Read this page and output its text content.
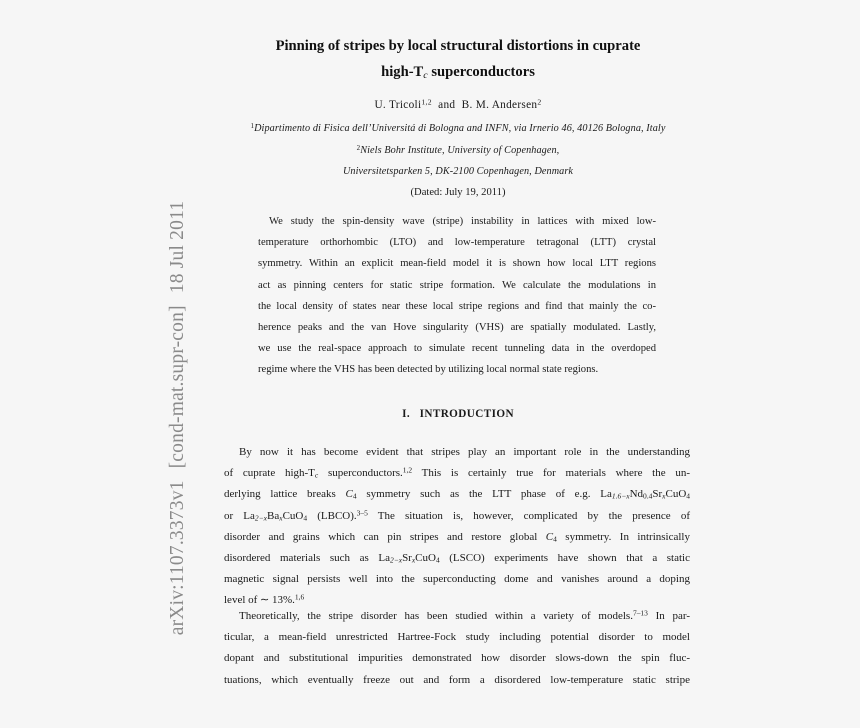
arXiv:1107.3373v1[cond-mat.supr-con]18 Jul 2011
Pinning of stripes by local structural distortions in cuprate
high-$T_c$ superconductors
U. Tricoli$^{1,2}$ and B. M. Andersen$^2$
$^1$Dipartimento di Fisica dell’Universitá di Bologna and INFN, via Irnerio 46, 40126 Bologna, Italy
$^2$Niels Bohr Institute, University of Copenhagen,
Universitetsparken 5, DK-2100 Copenhagen, Denmark
(Dated: July 19, 2011)
We study the spin-density wave (stripe) instability in lattices with mixed low-
temperature orthorhombic (LTO) and low-temperature tetragonal (LTT) crystal
symmetry. Within an explicit mean-field model it is shown how local LTT regions
act as pinning centers for static stripe formation. We calculate the modulations in
the local density of states near these local stripe regions and find that mainly the co-
herence peaks and the van Hove singularity (VHS) are spatially modulated. Lastly,
we use the real-space approach to simulate recent tunneling data in the overdoped
regime where the VHS has been detected by utilizing local normal state regions.
I. INTRODUCTION
By now it has become evident that stripes play an important role in the understanding
of cuprate high-$T_c$ superconductors.$^{1,2}$ This is certainly true for materials where the un-
derlying lattice breaks $C_4$ symmetry such as the LTT phase of e.g. $La_{1.6-x}Nd_{0.4}Sr_xCuO_4$
or $La_{2-x}Ba_xCuO_4$ (LBCO).$^{3-5}$ The situation is, however, complicated by the presence of
disorder and grains which can pin stripes and restore global $C_4$ symmetry. In intrinsically
disordered materials such as $La_{2-x}Sr_xCuO_4$ (LSCO) experiments have shown that a static
magnetic signal persists well into the superconducting dome and vanishes around a doping
level of ∼ 13%.$^{1,6}$
Theoretically, the stripe disorder has been studied within a variety of models.$^{7-13}$ In par-
ticular, a mean-field unrestricted Hartree-Fock study including potential disorder to model
dopant and substitutional impurities demonstrated how disorder slows-down the spin fluc-
tuations, which eventually freeze out and form a disordered low-temperature static stripe
